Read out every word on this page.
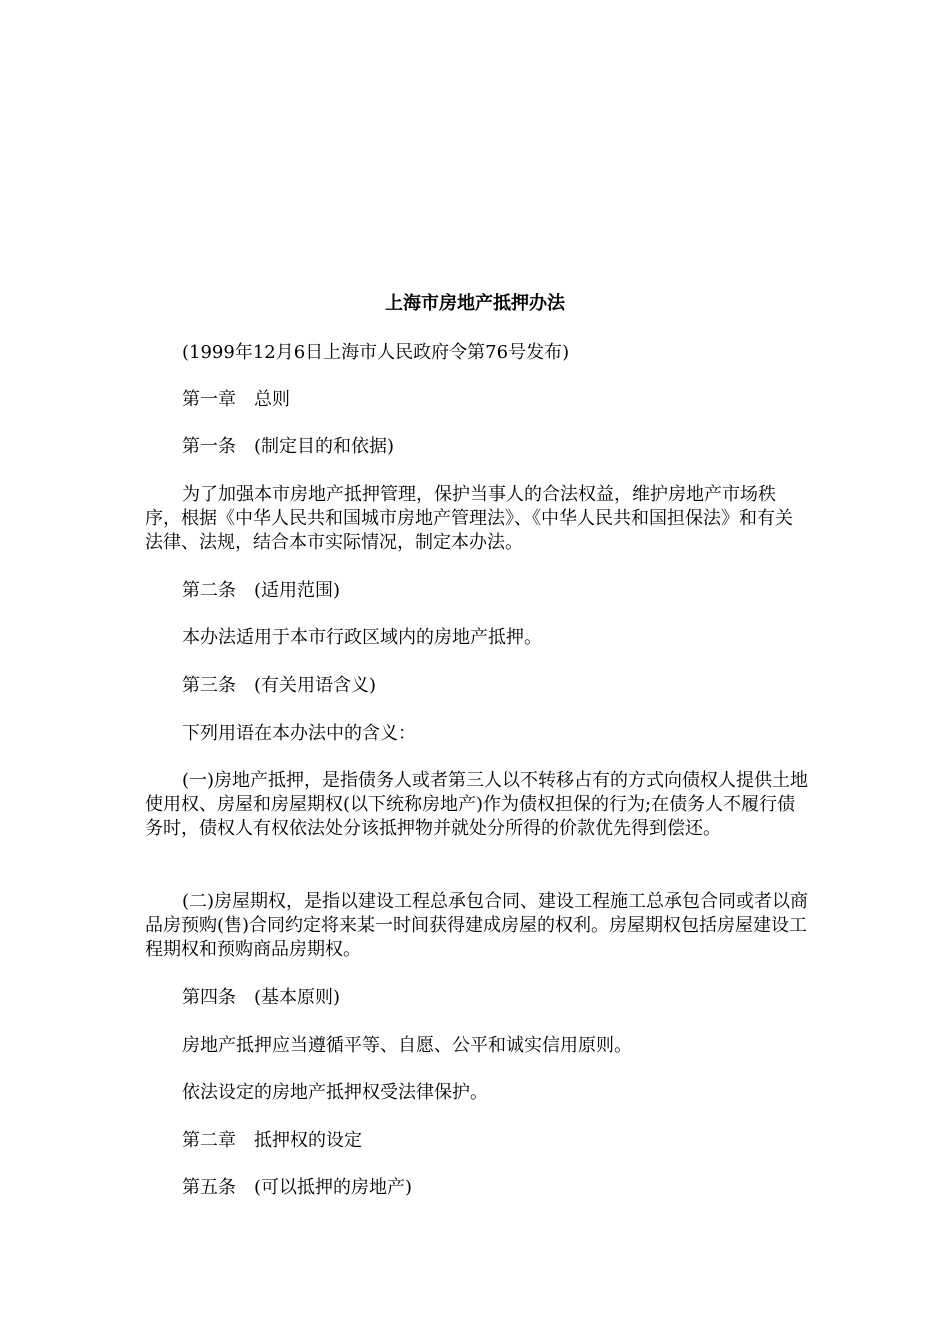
上海市房地产抵押办法

(1999年12月6日上海市人民政府令第76号发布)

第一章　总则

第一条　(制定目的和依据)

为了加强本市房地产抵押管理，保护当事人的合法权益，维护房地产市场秩序，根据《中华人民共和国城市房地产管理法》、《中华人民共和国担保法》和有关法律、法规，结合本市实际情况，制定本办法。

第二条　(适用范围)

本办法适用于本市行政区域内的房地产抵押。

第三条　(有关用语含义)

下列用语在本办法中的含义：

(一)房地产抵押，是指债务人或者第三人以不转移占有的方式向债权人提供土地使用权、房屋和房屋期权(以下统称房地产)作为债权担保的行为;在债务人不履行债务时，债权人有权依法处分该抵押物并就处分所得的价款优先得到偿还。

(二)房屋期权，是指以建设工程总承包合同、建设工程施工总承包合同或者以商品房预购(售)合同约定将来某一时间获得建成房屋的权利。房屋期权包括房屋建设工程期权和预购商品房期权。

第四条　(基本原则)

房地产抵押应当遵循平等、自愿、公平和诚实信用原则。

依法设定的房地产抵押权受法律保护。

第二章　抵押权的设定

第五条　(可以抵押的房地产)
